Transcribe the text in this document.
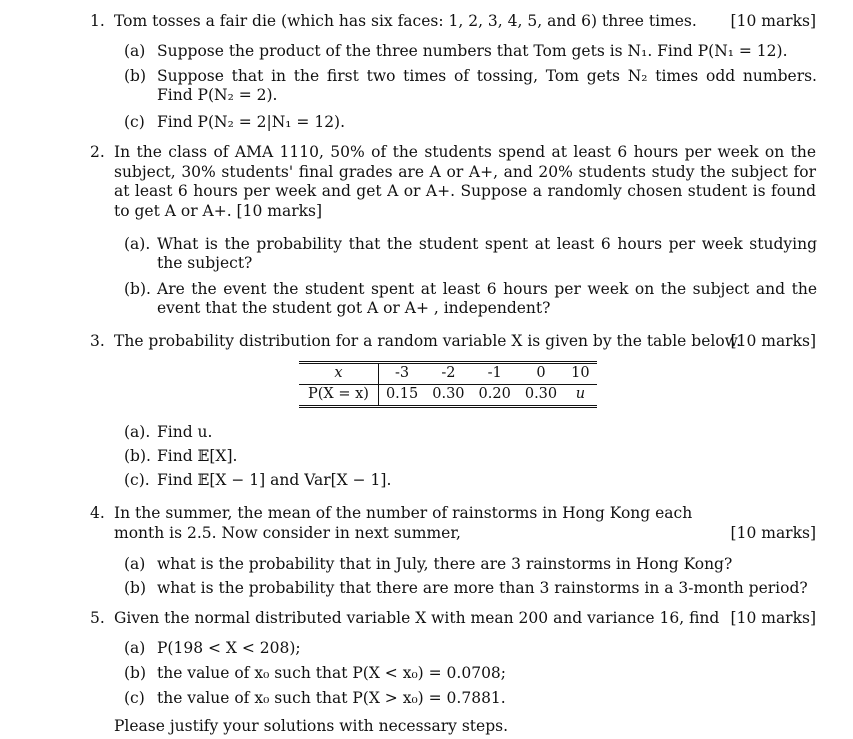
1. Tom tosses a fair die (which has six faces: 1, 2, 3, 4, 5, and 6) three times.	[10 marks]
(a) Suppose the product of the three numbers that Tom gets is N₁. Find P(N₁ = 12).
(b) Suppose that in the first two times of tossing, Tom gets N₂ times odd numbers. Find P(N₂ = 2).
(c) Find P(N₂ = 2|N₁ = 12).
2. In the class of AMA 1110, 50% of the students spend at least 6 hours per week on the subject, 30% students' final grades are A or A+, and 20% students study the subject for at least 6 hours per week and get A or A+. Suppose a randomly chosen student is found to get A or A+. [10 marks]
(a). What is the probability that the student spent at least 6 hours per week studying the subject?
(b). Are the event the student spent at least 6 hours per week on the subject and the event that the student got A or A+ , independent?
3. The probability distribution for a random variable X is given by the table below.
[10 marks]
x	-3	-2	-1	0	10
P(X = x)	0.15	0.30	0.20	0.30	u
(a). Find u.
(b). Find 𝔼[X].
(c). Find 𝔼[X − 1] and Var[X − 1].
4. In the summer, the mean of the number of rainstorms in Hong Kong each month is 2.5. Now consider in next summer,	[10 marks]
(a) what is the probability that in July, there are 3 rainstorms in Hong Kong?
(b) what is the probability that there are more than 3 rainstorms in a 3-month period?
5. Given the normal distributed variable X with mean 200 and variance 16, find [10 marks]
(a) P(198 < X < 208);
(b) the value of x₀ such that P(X < x₀) = 0.0708;
(c) the value of x₀ such that P(X > x₀) = 0.7881.
Please justify your solutions with necessary steps.
